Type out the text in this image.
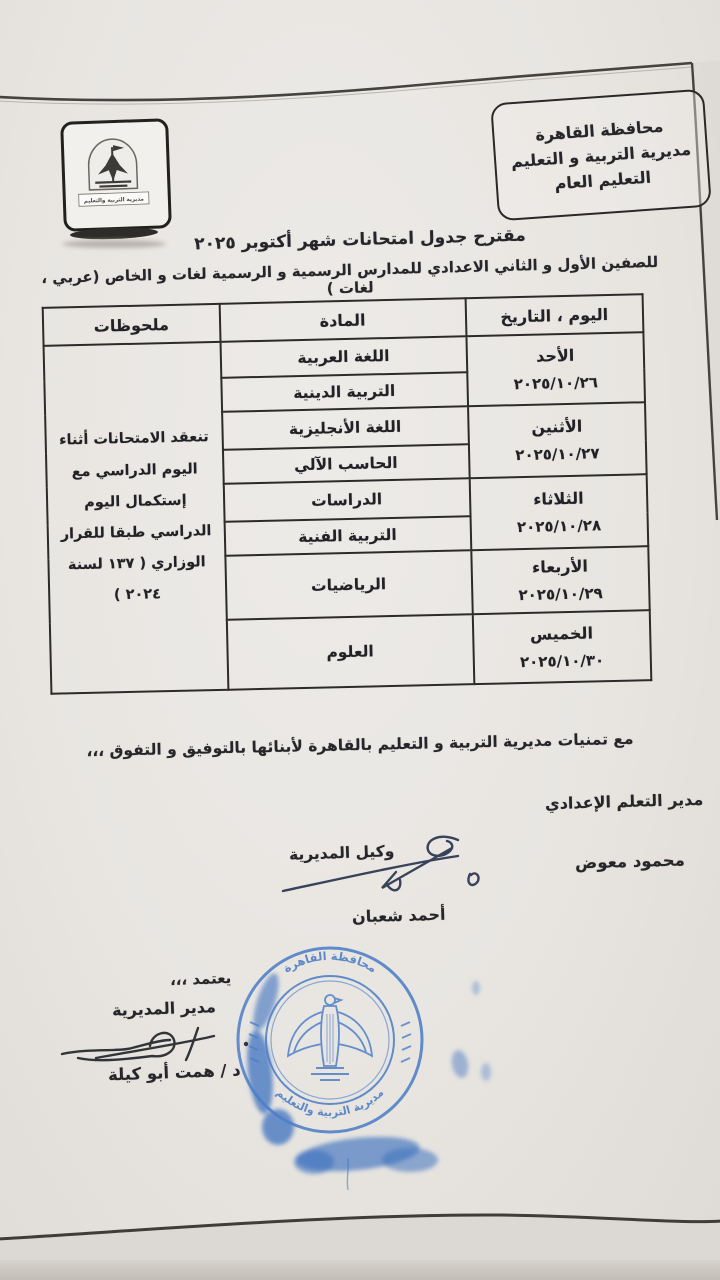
محافظة القاهرة
مديرية التربية و التعليم
التعليم العام
مديرية التربية والتعليم
مقترح جدول امتحانات شهر أكتوبر ٢٠٢٥
للصفين الأول و الثاني الاعدادي للمدارس الرسمية و الرسمية لغات و الخاص (عربي ، لغات )
اليوم ، التاريخ	المادة	ملحوظات

الأحد
٢٠٢٥/١٠/٢٦	اللغة العربية	تنعقد الامتحانات أثناء اليوم الدراسي مع إستكمال اليوم الدراسي طبقا للقرار الوزاري ( ١٣٧ لسنة ٢٠٢٤ )
	التربية الدينية	

الأثنين
٢٠٢٥/١٠/٢٧	اللغة الأنجليزية	
	الحاسب الآلي	

الثلاثاء
٢٠٢٥/١٠/٢٨	الدراسات	
	التربية الفنية	

الأربعاء
٢٠٢٥/١٠/٢٩	الرياضيات	

الخميس
٢٠٢٥/١٠/٣٠	العلوم	
مع تمنيات مديرية التربية و التعليم بالقاهرة لأبنائها بالتوفيق و التفوق ،،،
مدير التعلم الإعدادي
محمود معوض
وكيل المديرية
أحمد شعبان
يعتمد ،،،
مدير المديرية
د / همت أبو كيلة
محافظة القاهرة
مديرية التربية والتعليم
